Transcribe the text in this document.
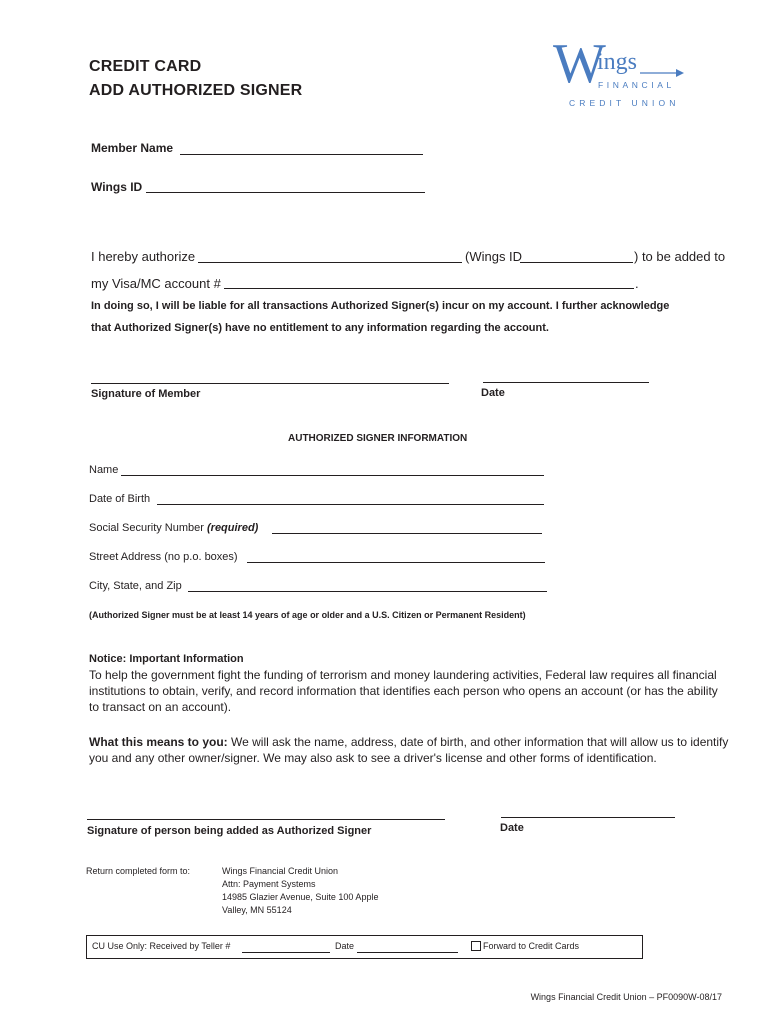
CREDIT CARD
ADD AUTHORIZED SIGNER	W
ings
FINANCIAL
CREDIT UNION
Member Name
Wings ID
I hereby authorize	(Wings ID	) to be added to
my Visa/MC account #	.
In doing so, I will be liable for all transactions Authorized Signer(s) incur on my account. I further acknowledge
that Authorized Signer(s) have no entitlement to any information regarding the account.
Signature of Member	Date
AUTHORIZED SIGNER INFORMATION
Name
Date of Birth
Social Security Number (required)
Street Address (no p.o. boxes)
City, State, and Zip
(Authorized Signer must be at least 14 years of age or older and a U.S. Citizen or Permanent Resident)
Notice: Important Information
To help the government fight the funding of terrorism and money laundering activities, Federal law requires all financial institutions to obtain, verify, and record information that identifies each person who opens an account (or has the ability to transact on an account).
What this means to you: We will ask the name, address, date of birth, and other information that will allow us to identify you and any other owner/signer. We may also ask to see a driver's license and other forms of identification.
Signature of person being added as Authorized Signer	Date
Return completed form to:	Wings Financial Credit Union
Attn: Payment Systems
14985 Glazier Avenue, Suite 100 Apple
Valley, MN 55124
CU Use Only: Received by Teller #	Date	Forward to Credit Cards
Wings Financial Credit Union – PF0090W-08/17
